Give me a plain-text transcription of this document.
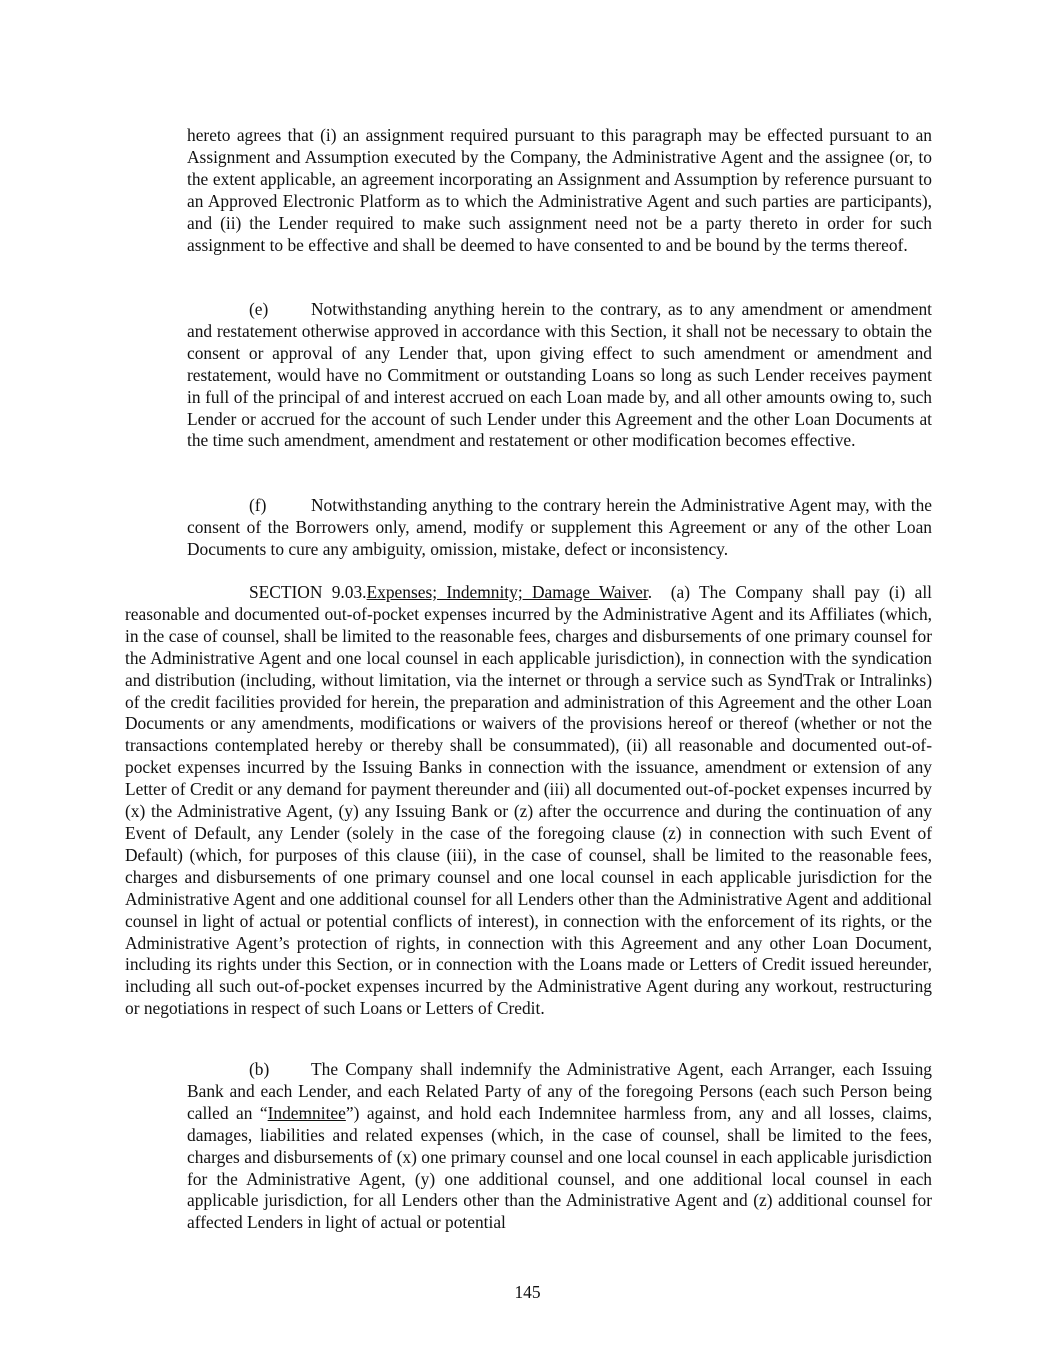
hereto agrees that (i) an assignment required pursuant to this paragraph may be effected pursuant to an Assignment and Assumption executed by the Company, the Administrative Agent and the assignee (or, to the extent applicable, an agreement incorporating an Assignment and Assumption by reference pursuant to an Approved Electronic Platform as to which the Administrative Agent and such parties are participants), and (ii) the Lender required to make such assignment need not be a party thereto in order for such assignment to be effective and shall be deemed to have consented to and be bound by the terms thereof.

(e) Notwithstanding anything herein to the contrary, as to any amendment or amendment and restatement otherwise approved in accordance with this Section, it shall not be necessary to obtain the consent or approval of any Lender that, upon giving effect to such amendment or amendment and restatement, would have no Commitment or outstanding Loans so long as such Lender receives payment in full of the principal of and interest accrued on each Loan made by, and all other amounts owing to, such Lender or accrued for the account of such Lender under this Agreement and the other Loan Documents at the time such amendment, amendment and restatement or other modification becomes effective.

(f)	Notwithstanding anything to the contrary herein the Administrative Agent may, with the consent of the Borrowers only, amend, modify or supplement this Agreement or any of the other Loan Documents to cure any ambiguity, omission, mistake, defect or inconsistency.

SECTION 9.03.Expenses; Indemnity; Damage Waiver. (a) The Company shall pay (i) all reasonable and documented out-of-pocket expenses incurred by the Administrative Agent and its Affiliates (which, in the case of counsel, shall be limited to the reasonable fees, charges and disbursements of one primary counsel for the Administrative Agent and one local counsel in each applicable jurisdiction), in connection with the syndication and distribution (including, without limitation, via the internet or through a service such as SyndTrak or Intralinks) of the credit facilities provided for herein, the preparation and administration of this Agreement and the other Loan Documents or any amendments, modifications or waivers of the provisions hereof or thereof (whether or not the transactions contemplated hereby or thereby shall be consummated), (ii) all reasonable and documented out-of-pocket expenses incurred by the Issuing Banks in connection with the issuance, amendment or extension of any Letter of Credit or any demand for payment thereunder and (iii) all documented out-of-pocket expenses incurred by (x) the Administrative Agent, (y) any Issuing Bank or (z) after the occurrence and during the continuation of any Event of Default, any Lender (solely in the case of the foregoing clause (z) in connection with such Event of Default) (which, for purposes of this clause (iii), in the case of counsel, shall be limited to the reasonable fees, charges and disbursements of one primary counsel and one local counsel in each applicable jurisdiction for the Administrative Agent and one additional counsel for all Lenders other than the Administrative Agent and additional counsel in light of actual or potential conflicts of interest), in connection with the enforcement of its rights, or the Administrative Agent’s protection of rights, in connection with this Agreement and any other Loan Document, including its rights under this Section, or in connection with the Loans made or Letters of Credit issued hereunder, including all such out-of-pocket expenses incurred by the Administrative Agent during any workout, restructuring or negotiations in respect of such Loans or Letters of Credit.

(b) The Company shall indemnify the Administrative Agent, each Arranger, each Issuing Bank and each Lender, and each Related Party of any of the foregoing Persons (each such Person being called an “Indemnitee”) against, and hold each Indemnitee harmless from, any and all losses, claims, damages, liabilities and related expenses (which, in the case of counsel, shall be limited to the fees, charges and disbursements of (x) one primary counsel and one local counsel in each applicable jurisdiction for the Administrative Agent, (y) one additional counsel, and one additional local counsel in each applicable jurisdiction, for all Lenders other than the Administrative Agent and (z) additional counsel for affected Lenders in light of actual or potential

145
